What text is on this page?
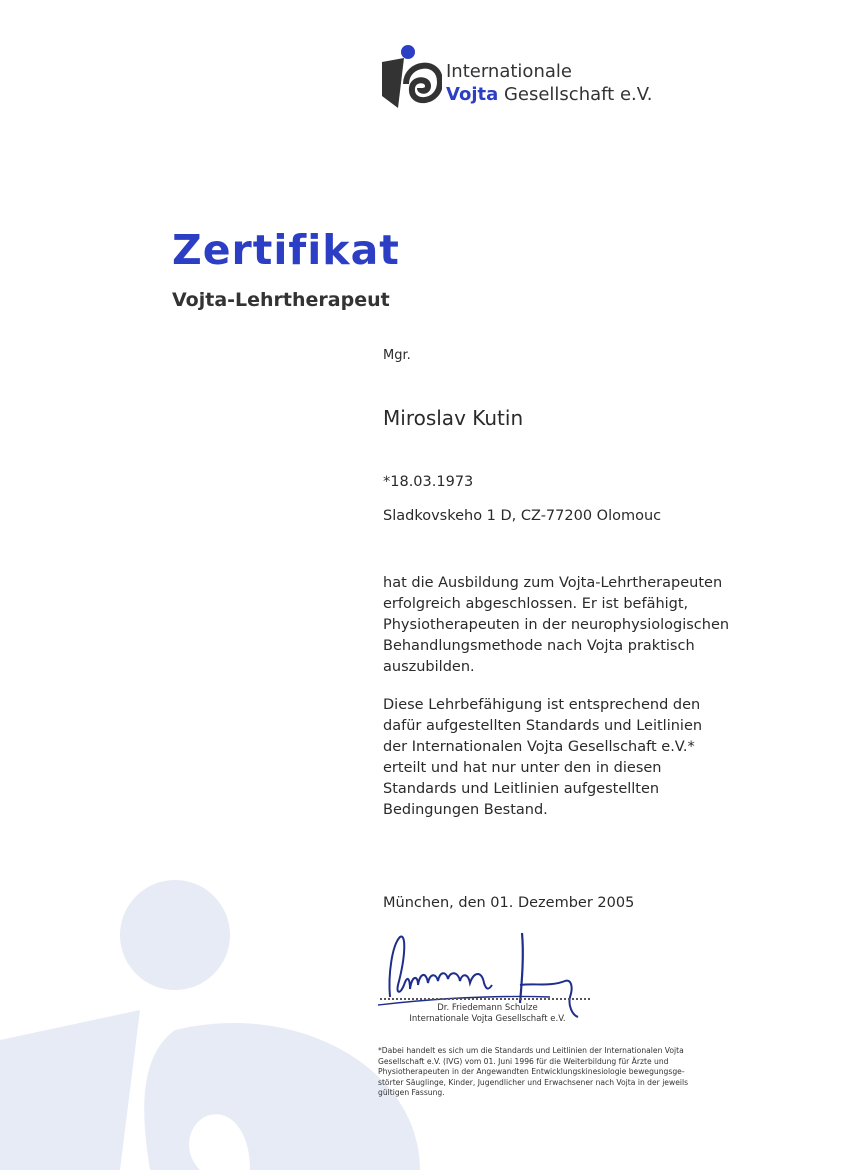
Internationale
Vojta Gesellschaft e.V.
Zertifikat
Vojta-Lehrtherapeut
Mgr.
Miroslav Kutin
*18.03.1973
Sladkovskeho 1 D, CZ-77200 Olomouc
hat die Ausbildung zum Vojta-Lehrtherapeuten
erfolgreich abgeschlossen. Er ist befähigt,
Physiotherapeuten in der neurophysiologischen
Behandlungsmethode nach Vojta praktisch
auszubilden.
Diese Lehrbefähigung ist entsprechend den
dafür aufgestellten Standards und Leitlinien
der Internationalen Vojta Gesellschaft e.V.*
erteilt und hat nur unter den in diesen
Standards und Leitlinien aufgestellten
Bedingungen Bestand.
München, den 01. Dezember 2005
Dr. Friedemann Schulze
Internationale Vojta Gesellschaft e.V.
*Dabei handelt es sich um die Standards und Leitlinien der Internationalen Vojta
Gesellschaft e.V. (IVG) vom 01. Juni 1996 für die Weiterbildung für Ärzte und
Physiotherapeuten in der Angewandten Entwicklungskinesiologie bewegungsge-
störter Säuglinge, Kinder, Jugendlicher und Erwachsener nach Vojta in der jeweils
gültigen Fassung.
